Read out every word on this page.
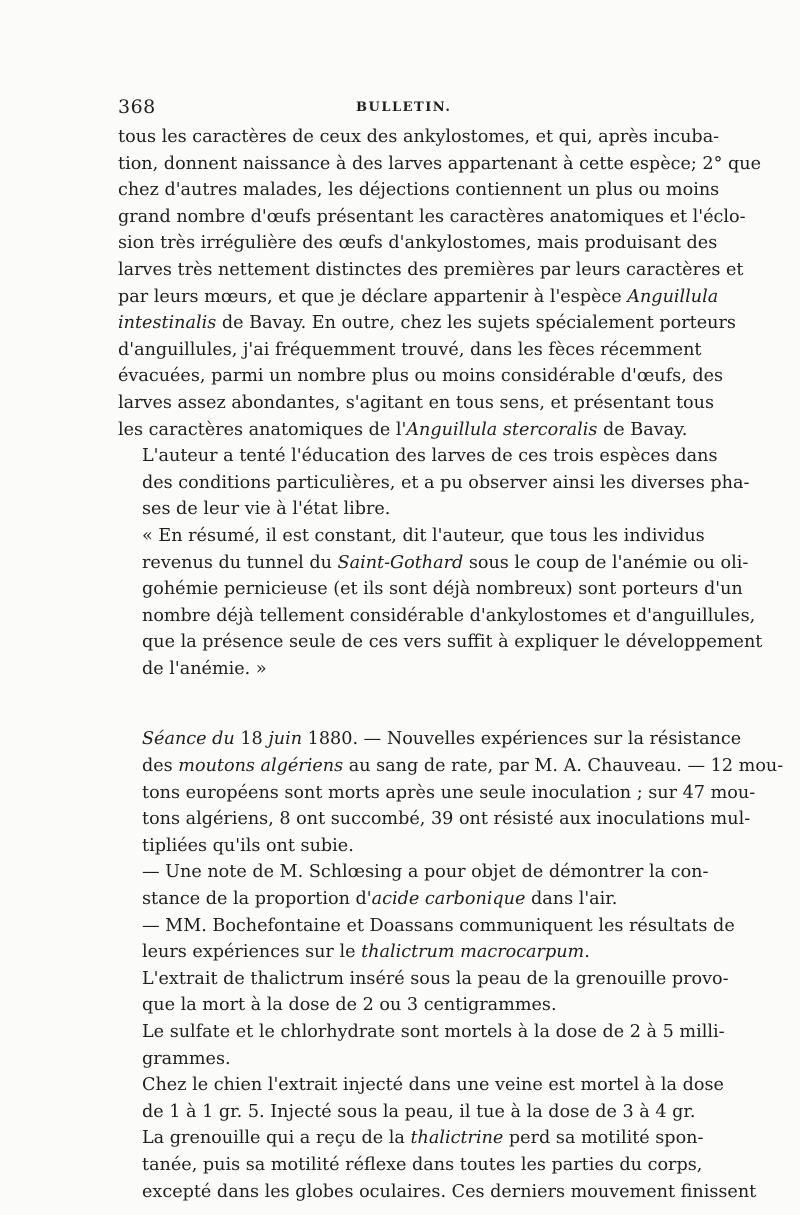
368	BULLETIN.

tous les caractères de ceux des ankylostomes, et qui, après incuba-
tion, donnent naissance à des larves appartenant à cette espèce; 2° que
chez d'autres malades, les déjections contiennent un plus ou moins
grand nombre d'œufs présentant les caractères anatomiques et l'éclo-
sion très irrégulière des œufs d'ankylostomes, mais produisant des
larves très nettement distinctes des premières par leurs caractères et
par leurs mœurs, et que je déclare appartenir à l'espèce Anguillula
intestinalis de Bavay. En outre, chez les sujets spécialement porteurs
d'anguillules, j'ai fréquemment trouvé, dans les fèces récemment
évacuées, parmi un nombre plus ou moins considérable d'œufs, des
larves assez abondantes, s'agitant en tous sens, et présentant tous
les caractères anatomiques de l'Anguillula stercoralis de Bavay.

L'auteur a tenté l'éducation des larves de ces trois espèces dans
des conditions particulières, et a pu observer ainsi les diverses pha-
ses de leur vie à l'état libre.

« En résumé, il est constant, dit l'auteur, que tous les individus
revenus du tunnel du Saint-Gothard sous le coup de l'anémie ou oli-
gohémie pernicieuse (et ils sont déjà nombreux) sont porteurs d'un
nombre déjà tellement considérable d'ankylostomes et d'anguillules,
que la présence seule de ces vers suffit à expliquer le développement
de l'anémie. »

Séance du 18 juin 1880. — Nouvelles expériences sur la résistance
des moutons algériens au sang de rate, par M. A. Chauveau. — 12 mou-
tons européens sont morts après une seule inoculation ; sur 47 mou-
tons algériens, 8 ont succombé, 39 ont résisté aux inoculations mul-
tipliées qu'ils ont subie.

— Une note de M. Schlœsing a pour objet de démontrer la con-
stance de la proportion d'acide carbonique dans l'air.

— MM. Bochefontaine et Doassans communiquent les résultats de
leurs expériences sur le thalictrum macrocarpum.

L'extrait de thalictrum inséré sous la peau de la grenouille provo-
que la mort à la dose de 2 ou 3 centigrammes.

Le sulfate et le chlorhydrate sont mortels à la dose de 2 à 5 milli-
grammes.

Chez le chien l'extrait injecté dans une veine est mortel à la dose
de 1 à 1 gr. 5. Injecté sous la peau, il tue à la dose de 3 à 4 gr.

La grenouille qui a reçu de la thalictrine perd sa motilité spon-
tanée, puis sa motilité réflexe dans toutes les parties du corps,
excepté dans les globes oculaires. Ces derniers mouvement finissent
